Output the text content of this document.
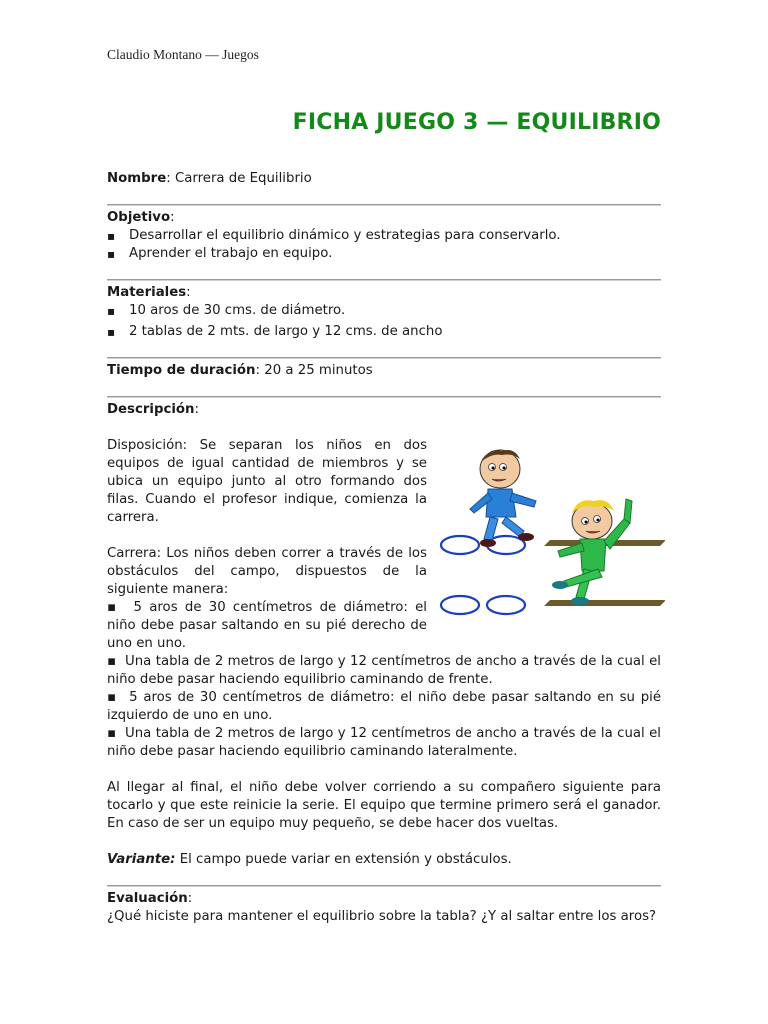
Claudio Montano — Juegos
FICHA JUEGO 3 — EQUILIBRIO

Nombre: Carrera de Equilibrio

Objetivo:
▪ Desarrollar el equilibrio dinámico y estrategias para conservarlo.
▪ Aprender el trabajo en equipo.
Materiales:
▪ 10 aros de 30 cms. de diámetro.
▪ 2 tablas de 2 mts. de largo y 12 cms. de ancho

Tiempo de duración: 20 a 25 minutos

Descripción:

Disposición: Se separan los niños en dos equipos de igual cantidad de miembros y se ubica un equipo junto al otro formando dos filas. Cuando el profesor indique, comienza la carrera.

Carrera: Los niños deben correr a través de los obstáculos del campo, dispuestos de la siguiente manera:

▪  5 aros de 30 centímetros de diámetro: el niño debe pasar saltando en su pié derecho de uno en uno.

▪  Una tabla de 2 metros de largo y 12 centímetros de ancho a través de la cual el niño debe pasar haciendo equilibrio caminando de frente.

▪  5 aros de 30 centímetros de diámetro: el niño debe pasar saltando en su pié izquierdo de uno en uno.

▪  Una tabla de 2 metros de largo y 12 centímetros de ancho a través de la cual el niño debe pasar haciendo equilibrio caminando lateralmente.

Al llegar al final, el niño debe volver corriendo a su compañero siguiente para tocarlo y que este reinicie la serie. El equipo que termine primero será el ganador. En caso de ser un equipo muy pequeño, se debe hacer dos vueltas.

Variante: El campo puede variar en extensión y obstáculos.

Evaluación:

¿Qué hiciste para mantener el equilibrio sobre la tabla? ¿Y al saltar entre los aros?
